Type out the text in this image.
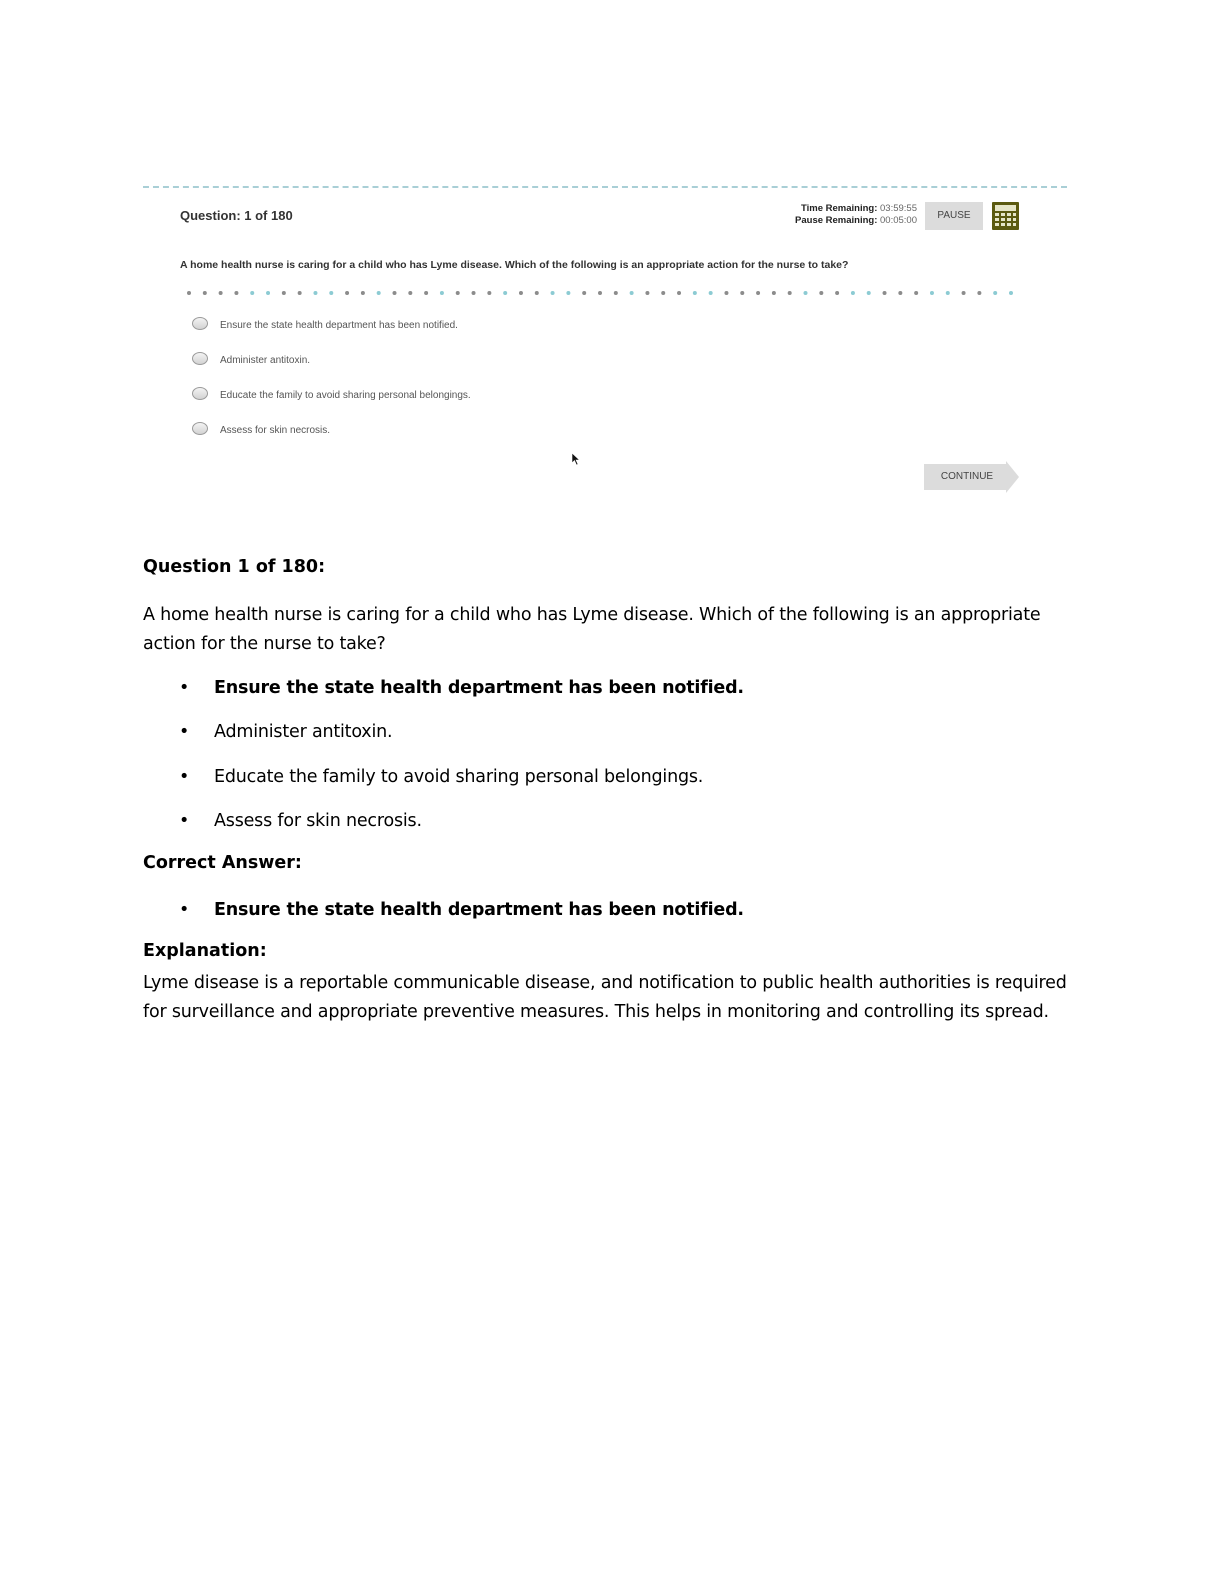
Question: 1 of 180	Time Remaining: 03:59:55
Pause Remaining: 00:05:00	PAUSE
A home health nurse is caring for a child who has Lyme disease. Which of the following is an appropriate action for the nurse to take?
Ensure the state health department has been notified.
Administer antitoxin.
Educate the family to avoid sharing personal belongings.
Assess for skin necrosis.
CONTINUE
Question 1 of 180:
A home health nurse is caring for a child who has Lyme disease. Which of the following is an appropriate action for the nurse to take?
• Ensure the state health department has been notified.
• Administer antitoxin.
• Educate the family to avoid sharing personal belongings.
• Assess for skin necrosis.
Correct Answer:
• Ensure the state health department has been notified.
Explanation:
Lyme disease is a reportable communicable disease, and notification to public health authorities is required for surveillance and appropriate preventive measures. This helps in monitoring and controlling its spread.
